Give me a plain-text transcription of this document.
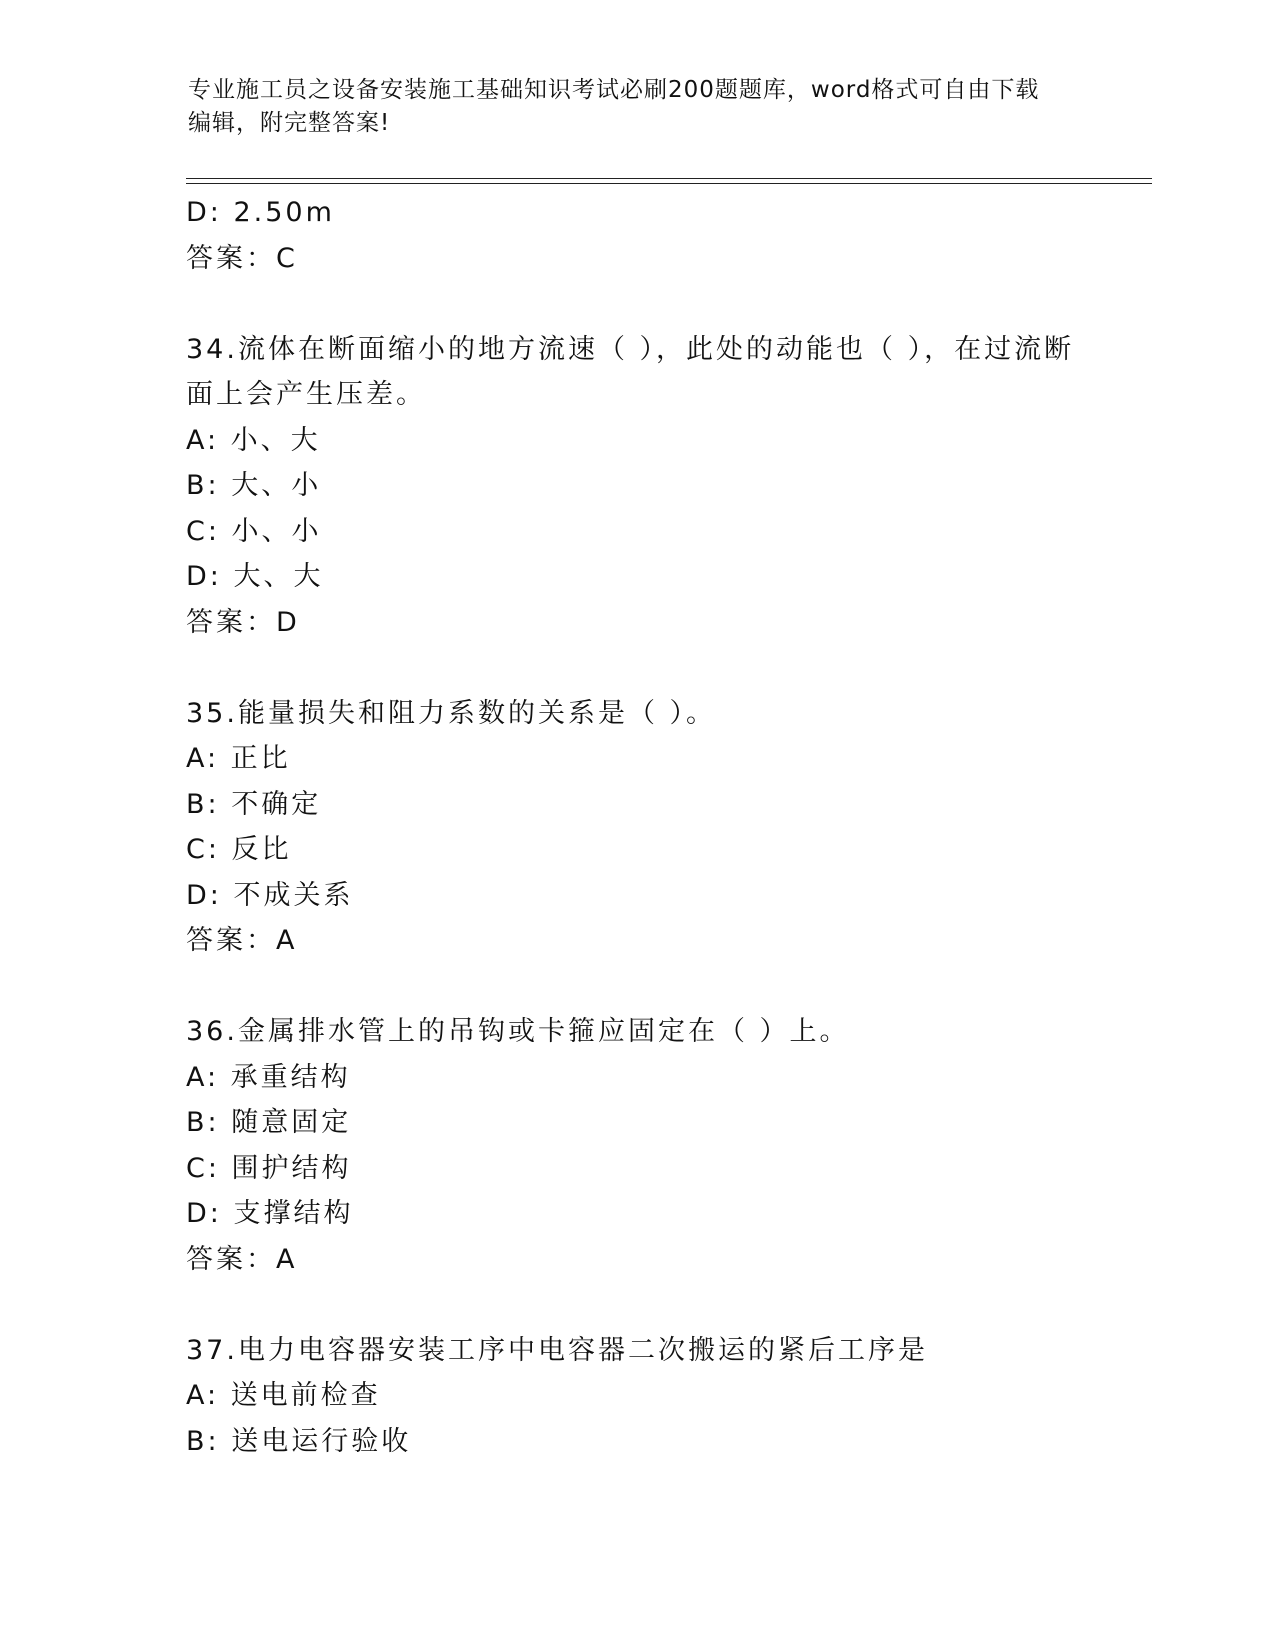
专业施工员之设备安装施工基础知识考试必刷200题题库，word格式可自由下载
编辑，附完整答案!
D: 2.50m
答案：C
34.流体在断面缩小的地方流速（ ），此处的动能也（ ），在过流断
面上会产生压差。
A: 小、大
B: 大、小
C: 小、小
D: 大、大
答案：D
35.能量损失和阻力系数的关系是（ ）。
A: 正比
B: 不确定
C: 反比
D: 不成关系
答案：A
36.金属排水管上的吊钩或卡箍应固定在（ ）上。
A: 承重结构
B: 随意固定
C: 围护结构
D: 支撑结构
答案：A
37.电力电容器安装工序中电容器二次搬运的紧后工序是
A: 送电前检查
B: 送电运行验收
